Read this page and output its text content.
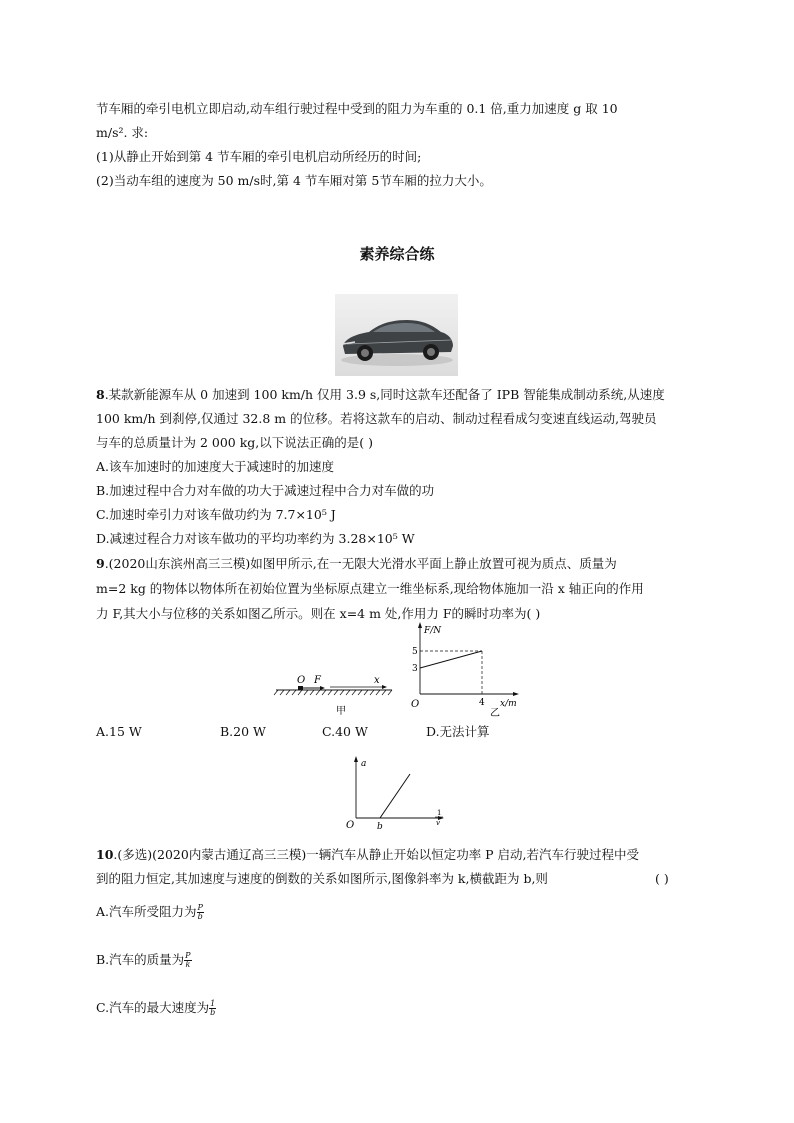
节车厢的牵引电机立即启动,动车组行驶过程中受到的阻力为车重的 0.1 倍,重力加速度 g 取 10
m/s². 求:
(1)从静止开始到第 4 节车厢的牵引电机启动所经历的时间;
(2)当动车组的速度为 50 m/s时,第 4 节车厢对第 5节车厢的拉力大小。
素养综合练
8.某款新能源车从 0 加速到 100 km/h 仅用 3.9 s,同时这款车还配备了 IPB 智能集成制动系统,从速度
100 km/h 到刹停,仅通过 32.8 m 的位移。若将这款车的启动、制动过程看成匀变速直线运动,驾驶员
与车的总质量计为 2 000 kg,以下说法正确的是( )
A.该车加速时的加速度大于减速时的加速度
B.加速过程中合力对车做的功大于减速过程中合力对车做的功
C.加速时牵引力对该车做功约为 7.7×10⁵ J
D.减速过程合力对该车做功的平均功率约为 3.28×10⁵ W
9.(2020山东滨州高三三模)如图甲所示,在一无限大光滑水平面上静止放置可视为质点、质量为
m=2 kg 的物体以物体所在初始位置为坐标原点建立一维坐标系,现给物体施加一沿 x 轴正向的作用
力 F,其大小与位移的关系如图乙所示。则在 x=4 m 处,作用力 F的瞬时功率为( )
O F	x
甲
F/N
5
3
4 x/m
O
乙
A.15 W	B.20 W	C.40 W	D.无法计算
a
O	b
1
v
10.(多选)(2020内蒙古通辽高三三模)一辆汽车从静止开始以恒定功率 P 启动,若汽车行驶过程中受
到的阻力恒定,其加速度与速度的倒数的关系如图所示,图像斜率为 k,横截距为 b,则	( )
A.汽车所受阻力为 $\frac{P}{b}$
B.汽车的质量为 $\frac{P}{k}$
C.汽车的最大速度为 $\frac{1}{b}$
